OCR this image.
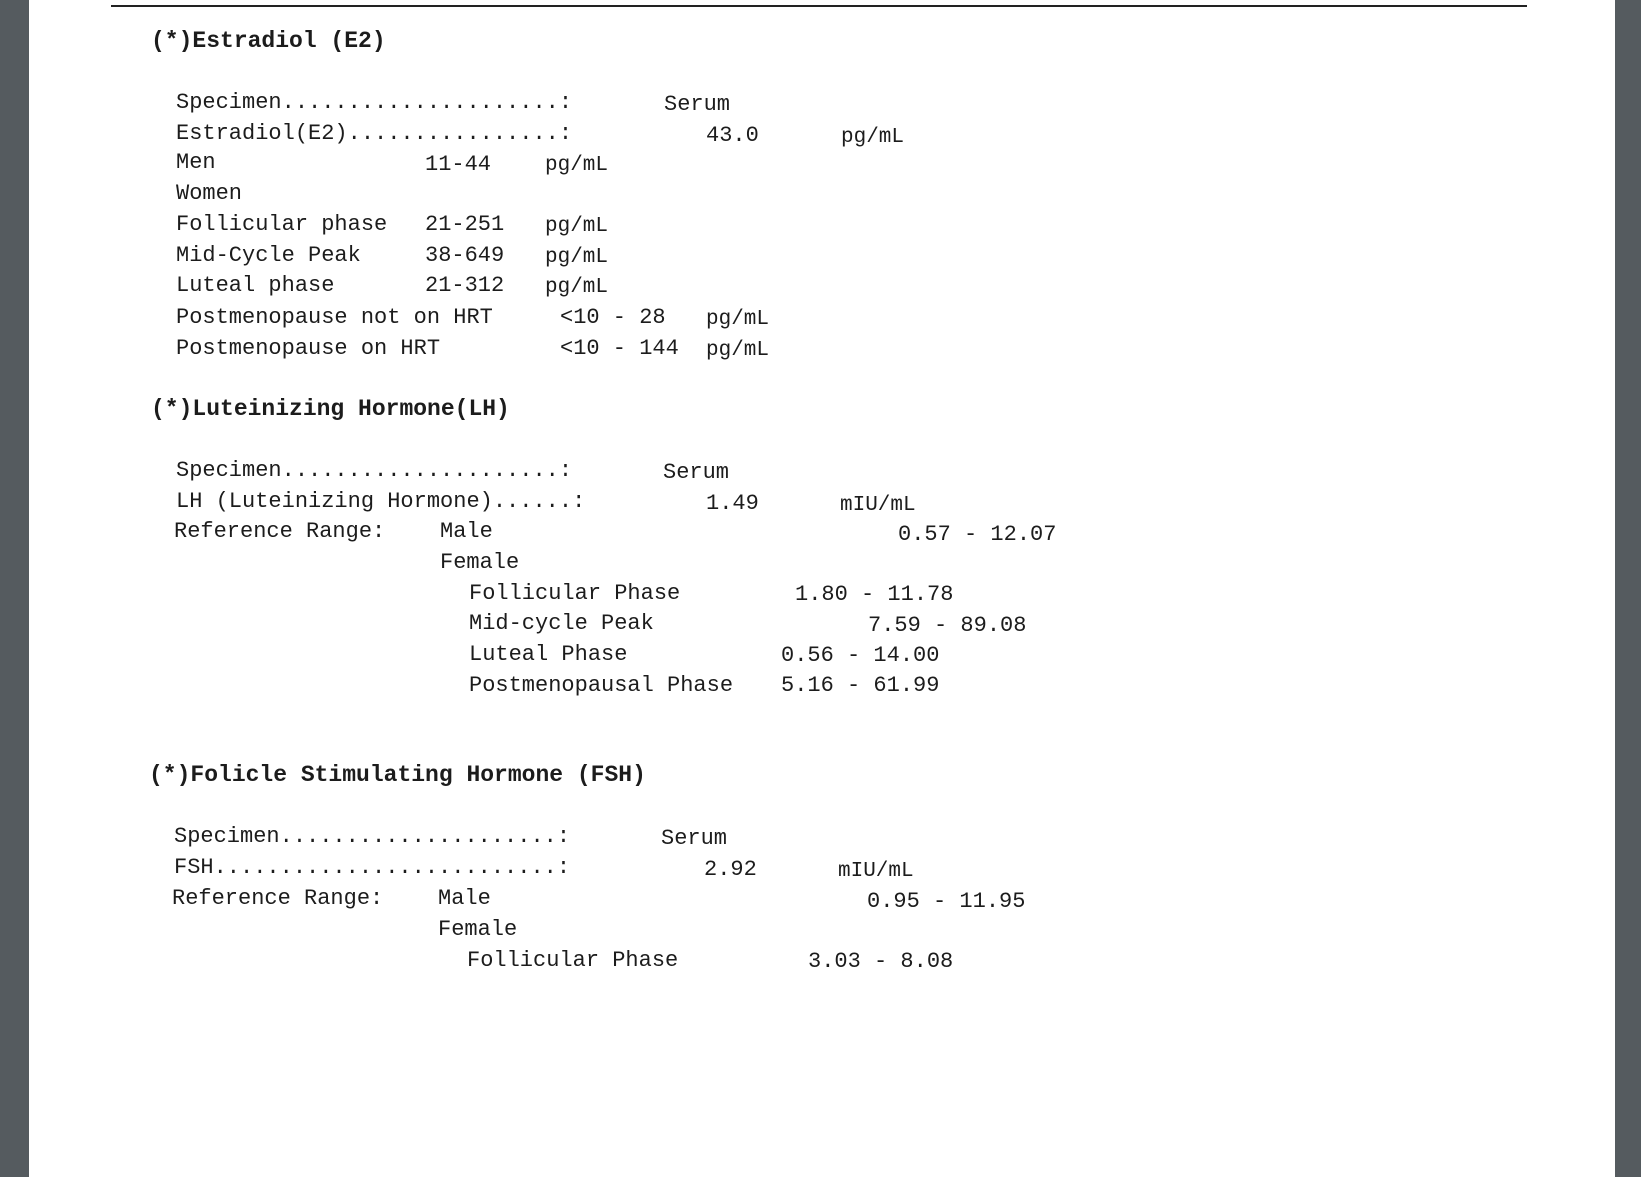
(*)Estradiol (E2)
Specimen.....................:	Serum
Estradiol(E2)................:	43.0	pg/mL
Men	11-44	pg/mL
Women
Follicular phase 21-251 pg/mL
Mid-Cycle Peak	38-649 pg/mL
Luteal phase	21-312 pg/mL
Postmenopause not on HRT	<10 - 28 pg/mL
Postmenopause on HRT	<10 - 144 pg/mL
(*)Luteinizing Hormone(LH)
Specimen.....................:	Serum
LH (Luteinizing Hormone)......:	1.49	mIU/mL
Reference Range: Male	0.57 - 12.07
Female
Follicular Phase	1.80 - 11.78
Mid-cycle Peak	7.59 - 89.08
Luteal Phase	0.56 - 14.00
Postmenopausal Phase 5.16 - 61.99
(*)Folicle Stimulating Hormone (FSH)
Specimen.....................:	Serum
FSH..........................:	2.92	mIU/mL
Reference Range: Male	0.95 - 11.95
Female
Follicular Phase	3.03 - 8.08
